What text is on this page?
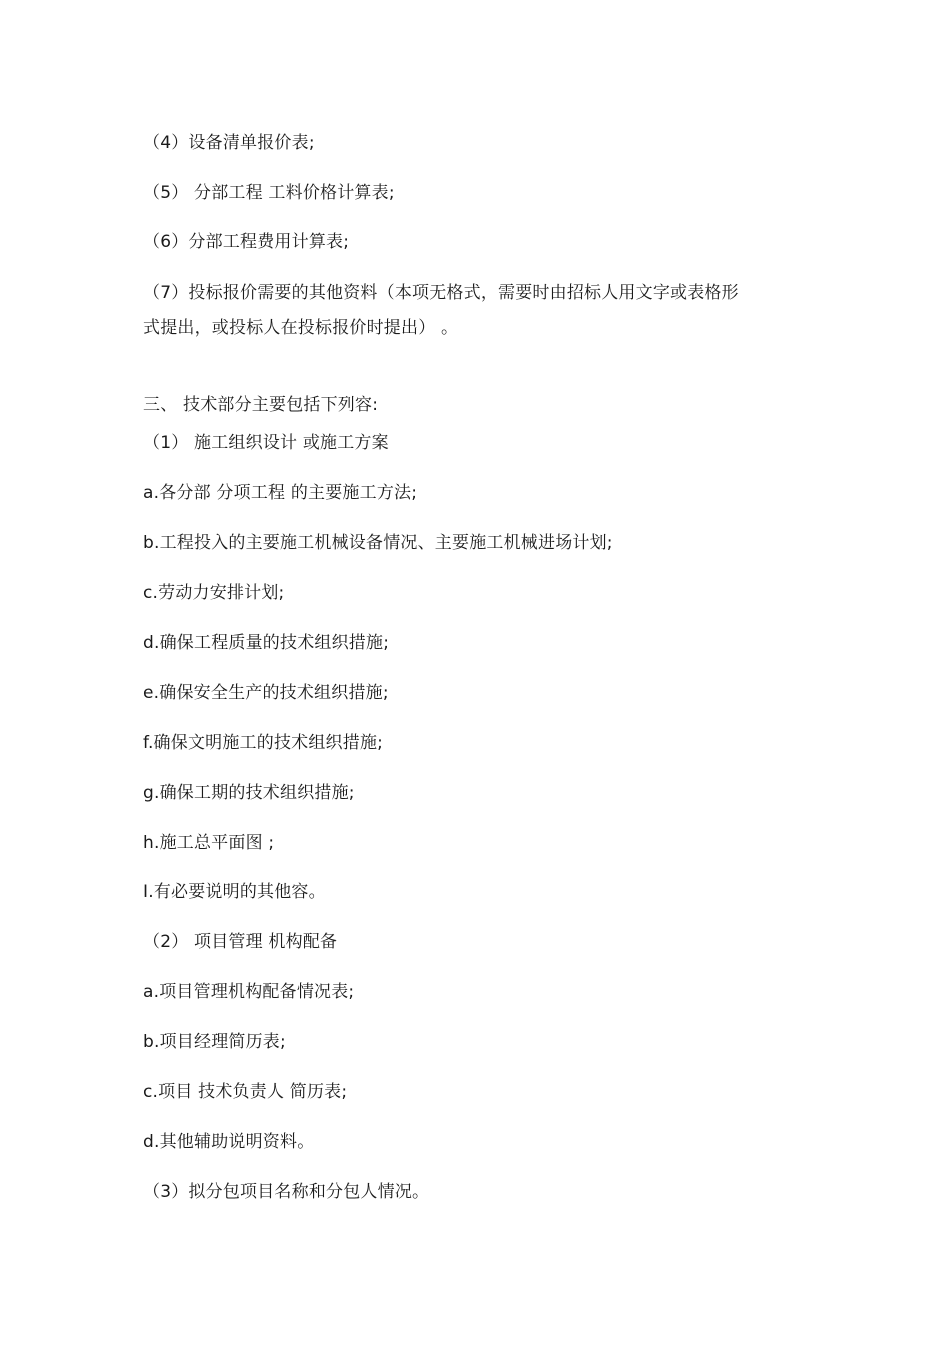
（4）设备清单报价表;
（5） 分部工程 工料价格计算表;
（6）分部工程费用计算表;
（7）投标报价需要的其他资料（本项无格式，需要时由招标人用文字或表格形
式提出，或投标人在投标报价时提出） 。
三、 技术部分主要包括下列容:
（1） 施工组织设计 或施工方案
a.各分部 分项工程 的主要施工方法;
b.工程投入的主要施工机械设备情况、主要施工机械进场计划;
c.劳动力安排计划;
d.确保工程质量的技术组织措施;
e.确保安全生产的技术组织措施;
f.确保文明施工的技术组织措施;
g.确保工期的技术组织措施;
h.施工总平面图 ;
I.有必要说明的其他容。
（2） 项目管理 机构配备
a.项目管理机构配备情况表;
b.项目经理简历表;
c.项目 技术负责人 简历表;
d.其他辅助说明资料。
（3）拟分包项目名称和分包人情况。
